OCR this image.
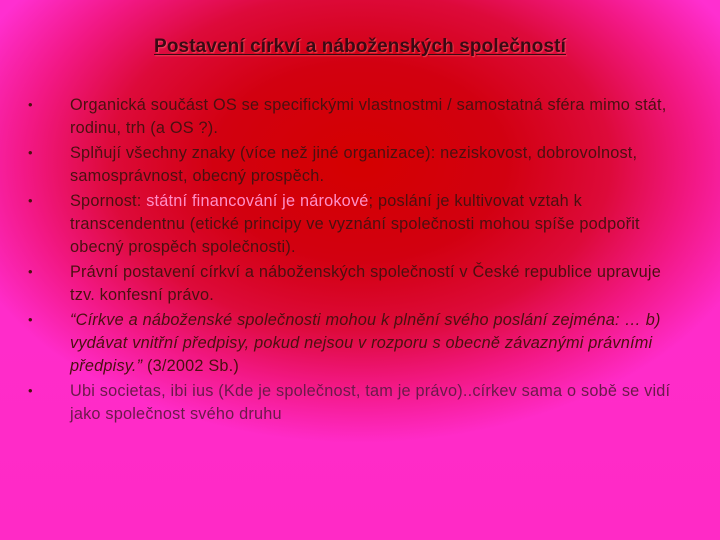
Postavení církví a náboženských společností
•	Organická součást OS se specifickými vlastnostmi / samostatná sféra mimo stát, rodinu, trh (a OS ?).
•	Splňují všechny znaky (více než jiné organizace): neziskovost, dobrovolnost, samosprávnost, obecný prospěch.
•	Spornost: státní financování je nárokové; poslání je kultivovat vztah k transcendentnu (etické principy ve vyznání společnosti mohou spíše podpořit obecný prospěch společnosti).
•	Právní postavení církví a náboženských společností v České republice upravuje tzv. konfesní právo.
•	“Církve a náboženské společnosti mohou k plnění svého poslání zejména: … b) vydávat vnitřní předpisy, pokud nejsou v rozporu s obecně závaznými právními předpisy.” (3/2002 Sb.)
•	Ubi societas, ibi ius (Kde je společnost, tam je právo)..církev sama o sobě se vidí jako společnost svého druhu
